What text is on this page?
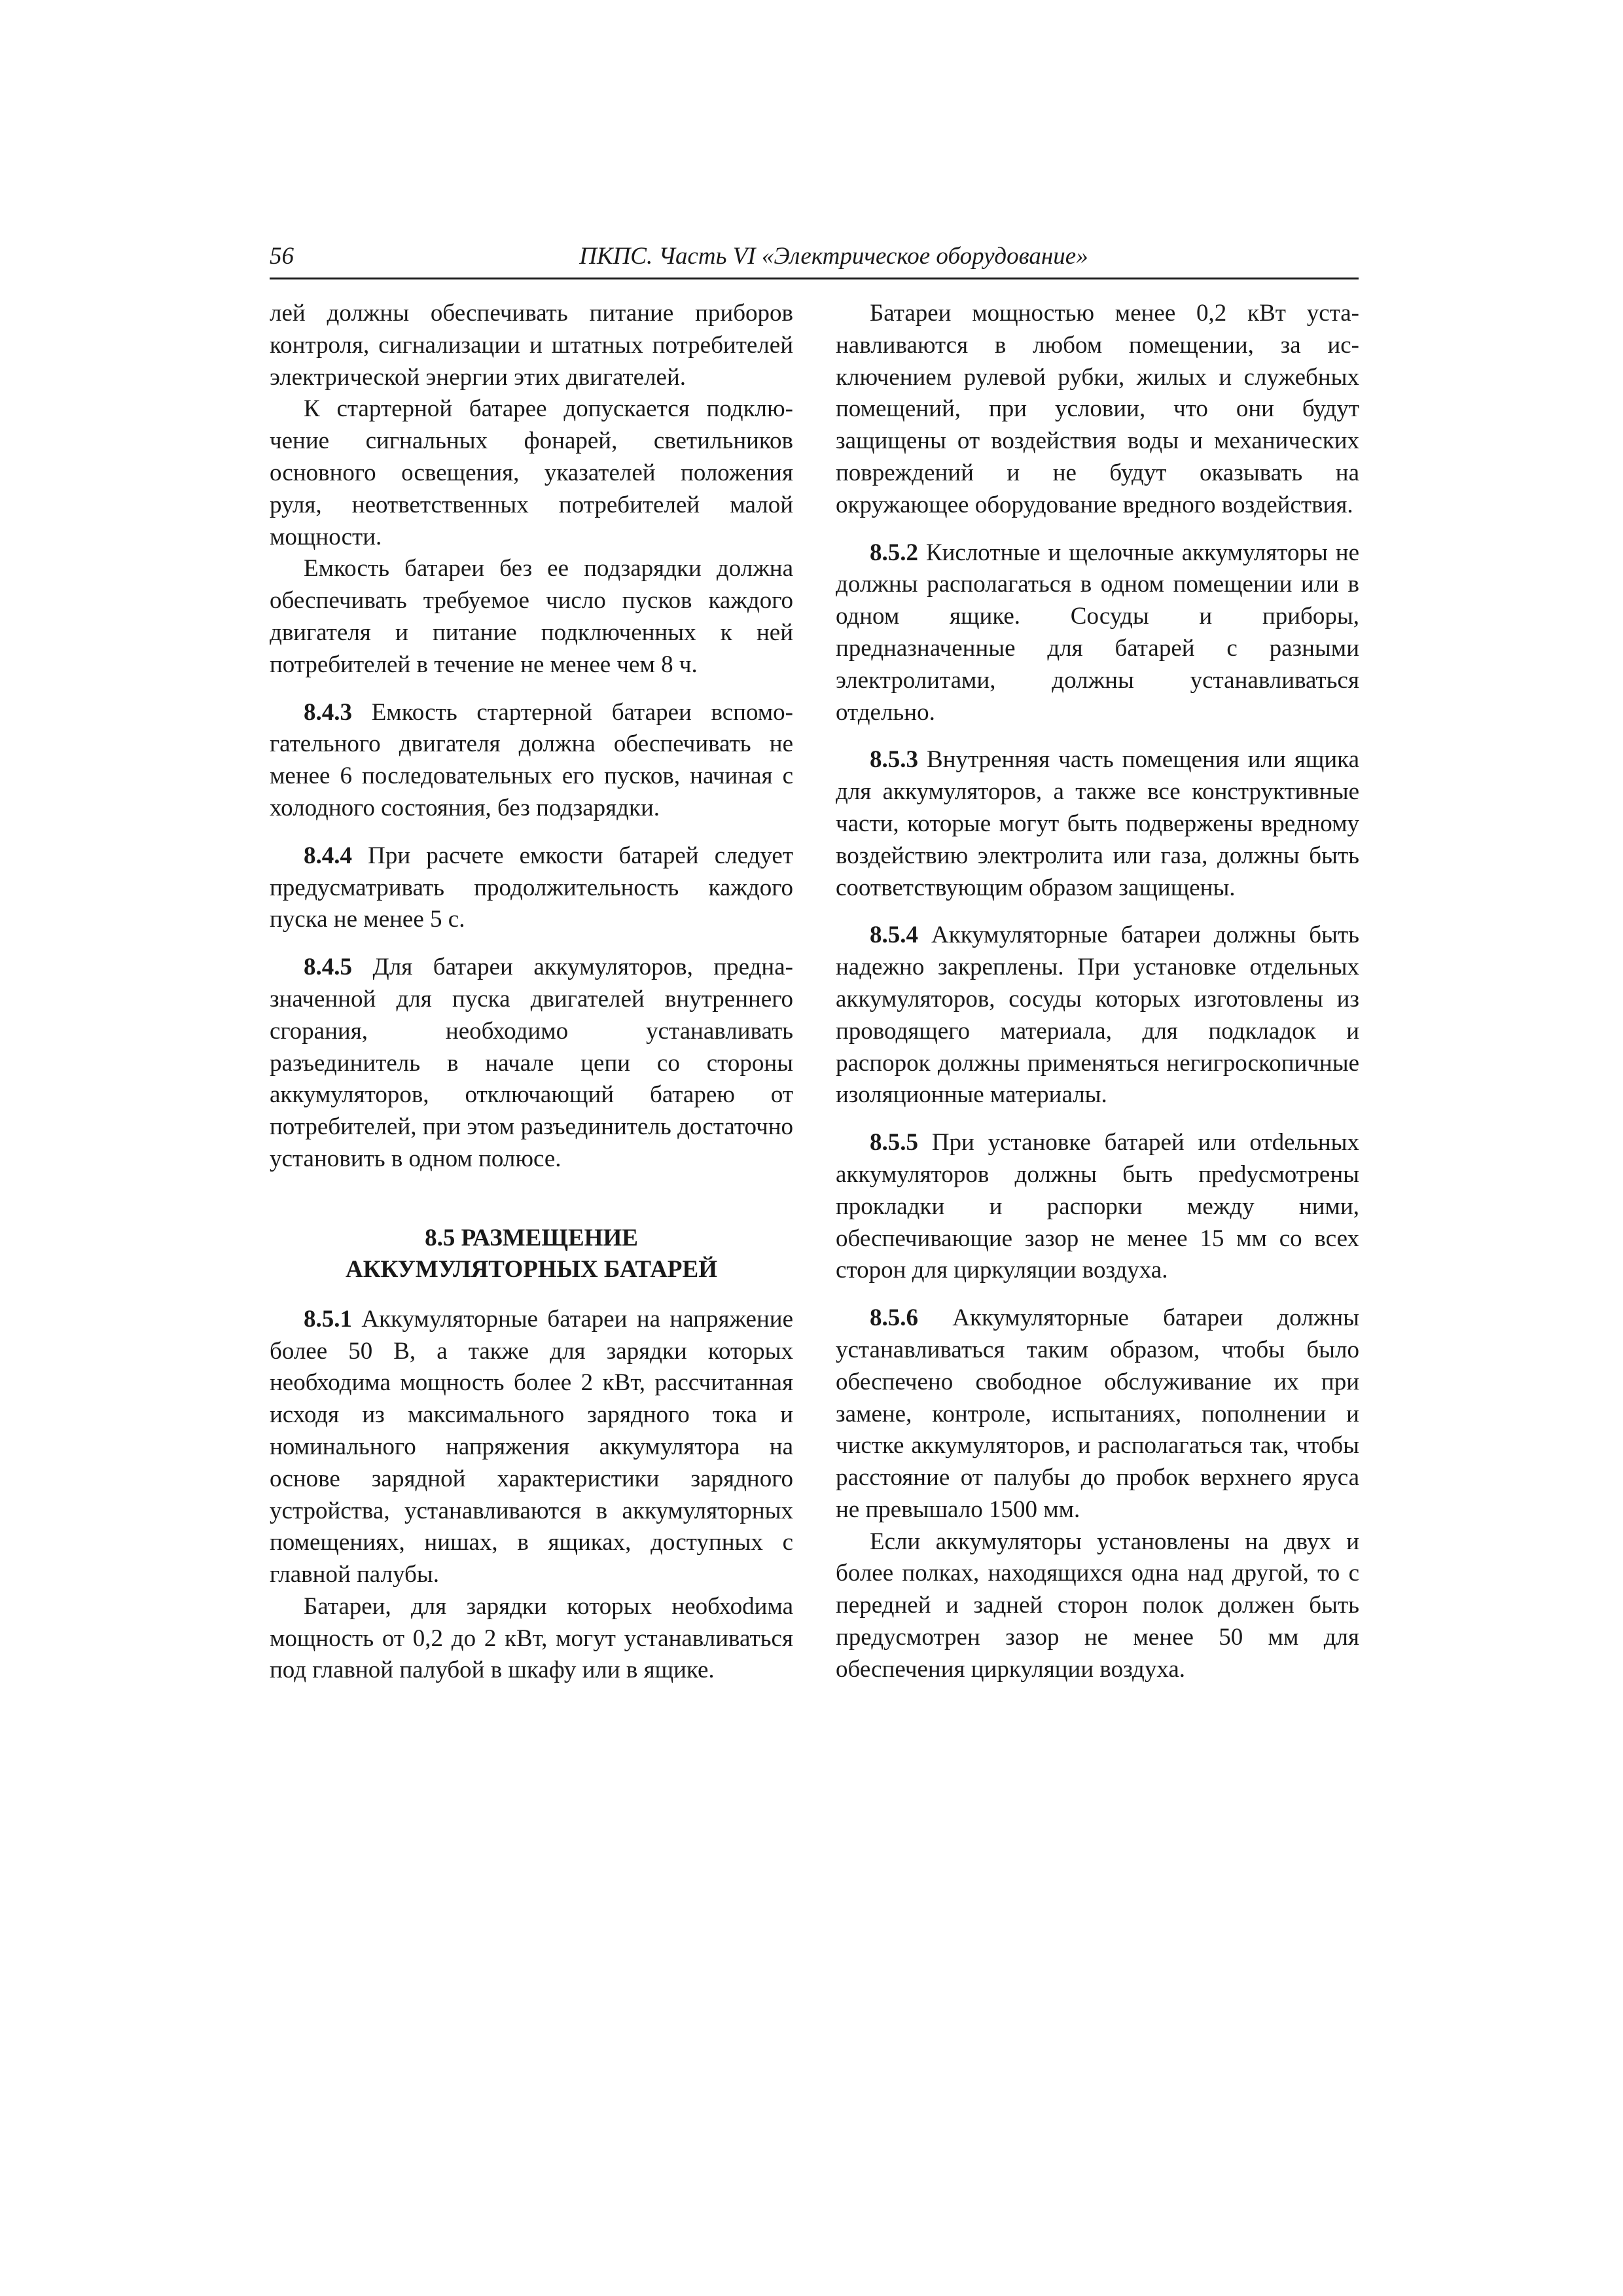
56	ПКПС. Часть VI «Электрическое оборудование»

лей должны обеспечивать питание приборов контроля, сигнализации и штатных потребителей электрической энергии этих двигателей.

К стартерной батарее допускается подключение сигнальных фонарей, светильников основного освещения, указателей положения руля, неответственных потребителей малой мощности.

Емкость батареи без ее подзарядки должна обеспечивать требуемое число пусков каждого двигателя и питание подключенных к ней потребителей в течение не менее чем 8 ч.

8.4.3 Емкость стартерной батареи вспомогательного двигателя должна обеспечивать не менее 6 последовательных его пусков, начиная с холодного состояния, без подзарядки.

8.4.4 При расчете емкости батарей следует предусматривать продолжительность каждого пуска не менее 5 с.

8.4.5 Для батареи аккумуляторов, предназначенной для пуска двигателей внутреннего сгорания, необходимо устанавливать разъединитель в начале цепи со стороны аккумуляторов, отключающий батарею от потребителей, при этом разъединитель достаточно установить в одном полюсе.

8.5 РАЗМЕЩЕНИЕ
АККУМУЛЯТОРНЫХ БАТАРЕЙ

8.5.1 Аккумуляторные батареи на напряжение более 50 В, а также для зарядки которых необходима мощность более 2 кВт, рассчитанная исходя из максимального зарядного тока и номинального напряжения аккумулятора на основе зарядной характеристики зарядного устройства, устанавливаются в аккумуляторных помещениях, нишах, в ящиках, доступных с главной палубы.

Батареи, для зарядки которых необхоdима мощность от 0,2 до 2 кВт, могут устанавливаться под главной палубой в шкафу или в ящике.

Батареи мощностью менее 0,2 кВт устанавливаются в любом помещении, за исключением рулевой рубки, жилых и служебных помещений, при условии, что они будут защищены от воздействия воды и механических повреждений и не будут оказывать на окружающее оборудование вредного воздействия.

8.5.2 Кислотные и щелочные аккумуляторы не должны располагаться в одном помещении или в одном ящике. Сосуды и приборы, предназначенные для батарей с разными электролитами, должны устанавливаться отдельно.

8.5.3 Внутренняя часть помещения или ящика для аккумуляторов, а также все конструктивные части, которые могут быть подвержены вредному воздействию электролита или газа, должны быть соответствующим образом защищены.

8.5.4 Аккумуляторные батареи должны быть надежно закреплены. При установке отдельных аккумуляторов, сосуды которых изготовлены из проводящего материала, для подкладок и распорок должны применяться негигроскопичные изоляционные материалы.

8.5.5 При установке батарей или отdельных аккумуляторов должны быть преdусмотрены прокладки и распорки между ними, обеспечивающие зазор не менее 15 мм со всех сторон для циркуляции воздуха.

8.5.6 Аккумуляторные батареи должны устанавливаться таким образом, чтобы было обеспечено свободное обслуживание их при замене, контроле, испытаниях, пополнении и чистке аккумуляторов, и располагаться так, чтобы расстояние от палубы до пробок верхнего яруса не превышало 1500 мм.

Если аккумуляторы установлены на двух и более полках, находящихся одна над другой, то с передней и задней сторон полок должен быть предусмотрен зазор не менее 50 мм для обеспечения циркуляции воздуха.
